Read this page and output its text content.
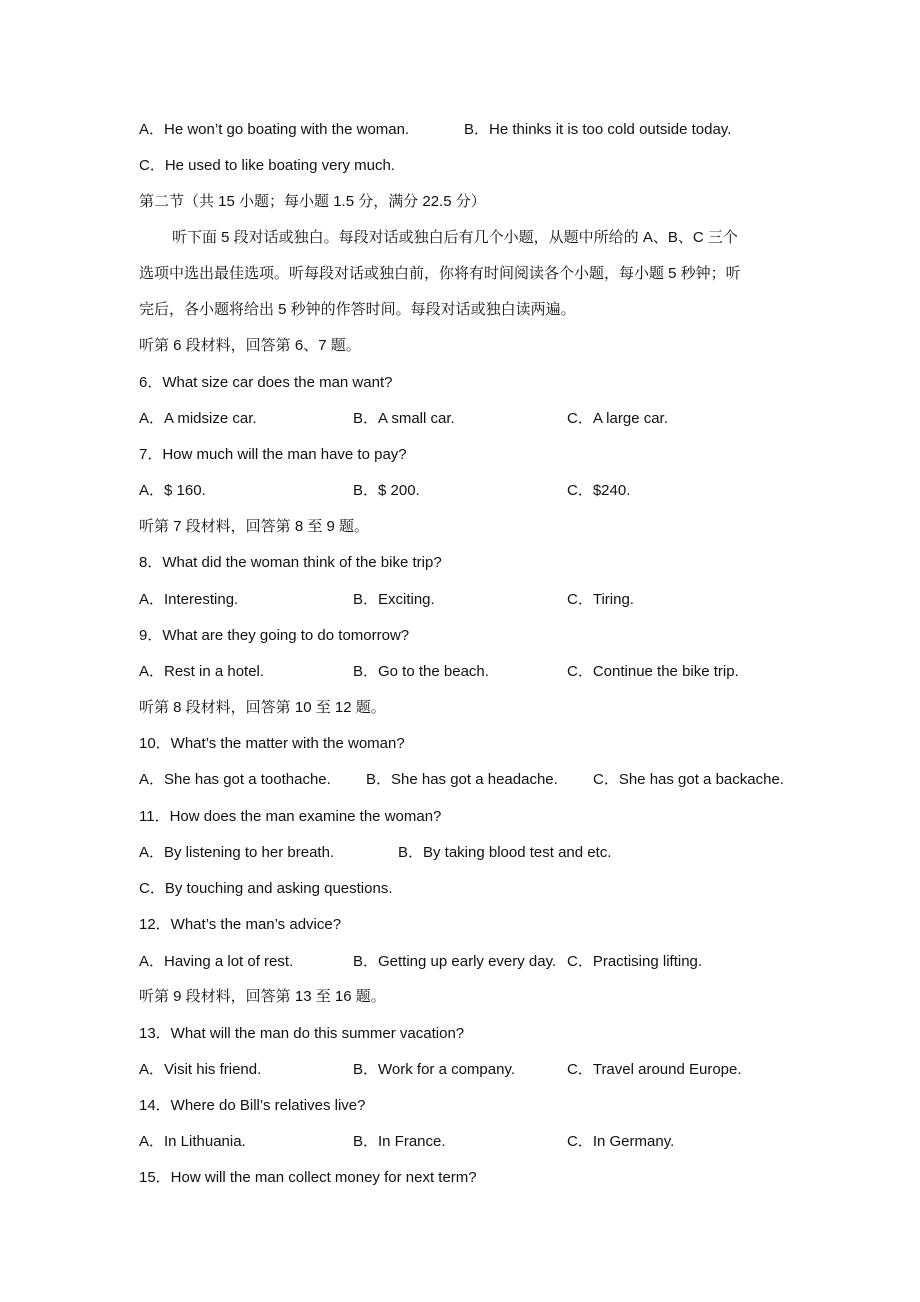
A．He won’t go boating with the woman.	B．He thinks it is too cold outside today.
C．He used to like boating very much.
第二节（共 15 小题；每小题 1.5 分，满分 22.5 分）
听下面 5 段对话或独白。每段对话或独白后有几个小题，从题中所给的 A、B、C 三个
选项中选出最佳选项。听每段对话或独白前，你将有时间阅读各个小题，每小题 5 秒钟；听
完后，各小题将给出 5 秒钟的作答时间。每段对话或独白读两遍。
听第 6 段材料，回答第 6、7 题。
6．What size car does the man want?
A．A midsize car.	B．A small car.	C．A large car.
7．How much will the man have to pay?
A．$ 160.	B．$ 200.	C．$240.
听第 7 段材料，回答第 8 至 9 题。
8．What did the woman think of the bike trip?
A．Interesting.	B．Exciting.	C．Tiring.
9．What are they going to do tomorrow?
A．Rest in a hotel.	B．Go to the beach.	C．Continue the bike trip.
听第 8 段材料，回答第 10 至 12 题。
10．What’s the matter with the woman?
A．She has got a toothache. B．She has got a headache. C．She has got a backache.
11．How does the man examine the woman?
A．By listening to her breath.	B．By taking blood test and etc.
C．By touching and asking questions.
12．What’s the man’s advice?
A．Having a lot of rest.	B．Getting up early every day. C．Practising lifting.
听第 9 段材料，回答第 13 至 16 题。
13．What will the man do this summer vacation?
A．Visit his friend.	B．Work for a company.	C．Travel around Europe.
14．Where do Bill’s relatives live?
A．In Lithuania.	B．In France.	C．In Germany.
15．How will the man collect money for next term?
